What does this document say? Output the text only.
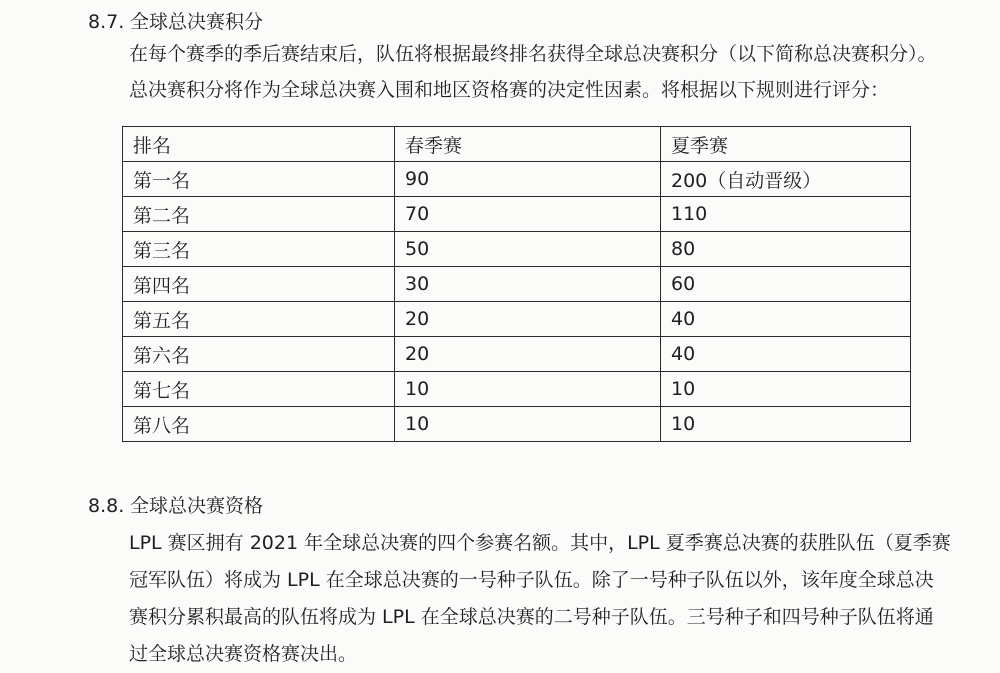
8.7. 全球总决赛积分
在每个赛季的季后赛结束后，队伍将根据最终排名获得全球总决赛积分（以下简称总决赛积分）。
总决赛积分将作为全球总决赛入围和地区资格赛的决定性因素。将根据以下规则进行评分：
排名	春季赛	夏季赛
第一名	90	200（自动晋级）
第二名	70	110
第三名	50	80
第四名	30	60
第五名	20	40
第六名	20	40
第七名	10	10
第八名	10	10
8.8. 全球总决赛资格
LPL 赛区拥有 2021 年全球总决赛的四个参赛名额。其中，LPL 夏季赛总决赛的获胜队伍（夏季赛
冠军队伍）将成为 LPL 在全球总决赛的一号种子队伍。除了一号种子队伍以外，该年度全球总决
赛积分累积最高的队伍将成为 LPL 在全球总决赛的二号种子队伍。三号种子和四号种子队伍将通
过全球总决赛资格赛决出。
